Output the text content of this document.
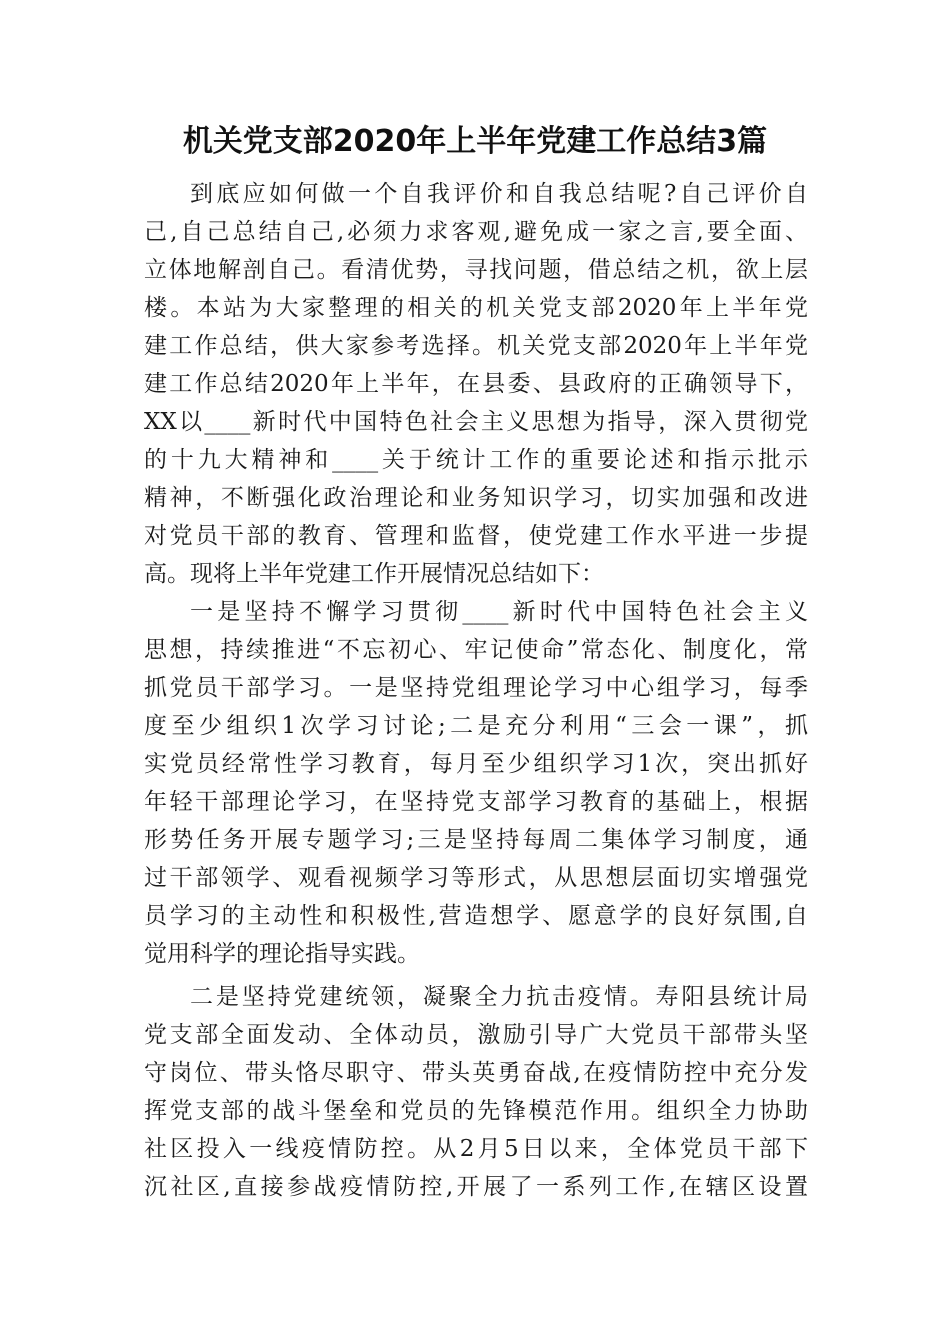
机关党支部2020年上半年党建工作总结3篇

到底应如何做一个自我评价和自我总结呢?自己评价自

己,自己总结自己,必须力求客观,避免成一家之言,要全面、

立体地解剖自己。看清优势，寻找问题，借总结之机，欲上层

楼。本站为大家整理的相关的机关党支部2020年上半年党

建工作总结，供大家参考选择。机关党支部2020年上半年党

建工作总结2020年上半年，在县委、县政府的正确领导下，

XX以____新时代中国特色社会主义思想为指导，深入贯彻党

的十九大精神和____关于统计工作的重要论述和指示批示

精神，不断强化政治理论和业务知识学习，切实加强和改进

对党员干部的教育、管理和监督，使党建工作水平进一步提

高。现将上半年党建工作开展情况总结如下：

一是坚持不懈学习贯彻____新时代中国特色社会主义

思想，持续推进“不忘初心、牢记使命”常态化、制度化，常

抓党员干部学习。一是坚持党组理论学习中心组学习，每季

度至少组织1次学习讨论;二是充分利用“三会一课”，抓

实党员经常性学习教育，每月至少组织学习1次，突出抓好

年轻干部理论学习，在坚持党支部学习教育的基础上，根据

形势任务开展专题学习;三是坚持每周二集体学习制度，通

过干部领学、观看视频学习等形式，从思想层面切实增强党

员学习的主动性和积极性,营造想学、愿意学的良好氛围,自

觉用科学的理论指导实践。

二是坚持党建统领，凝聚全力抗击疫情。寿阳县统计局

党支部全面发动、全体动员，激励引导广大党员干部带头坚

守岗位、带头恪尽职守、带头英勇奋战,在疫情防控中充分发

挥党支部的战斗堡垒和党员的先锋模范作用。组织全力协助

社区投入一线疫情防控。从2月5日以来，全体党员干部下

沉社区,直接参战疫情防控,开展了一系列工作,在辖区设置
